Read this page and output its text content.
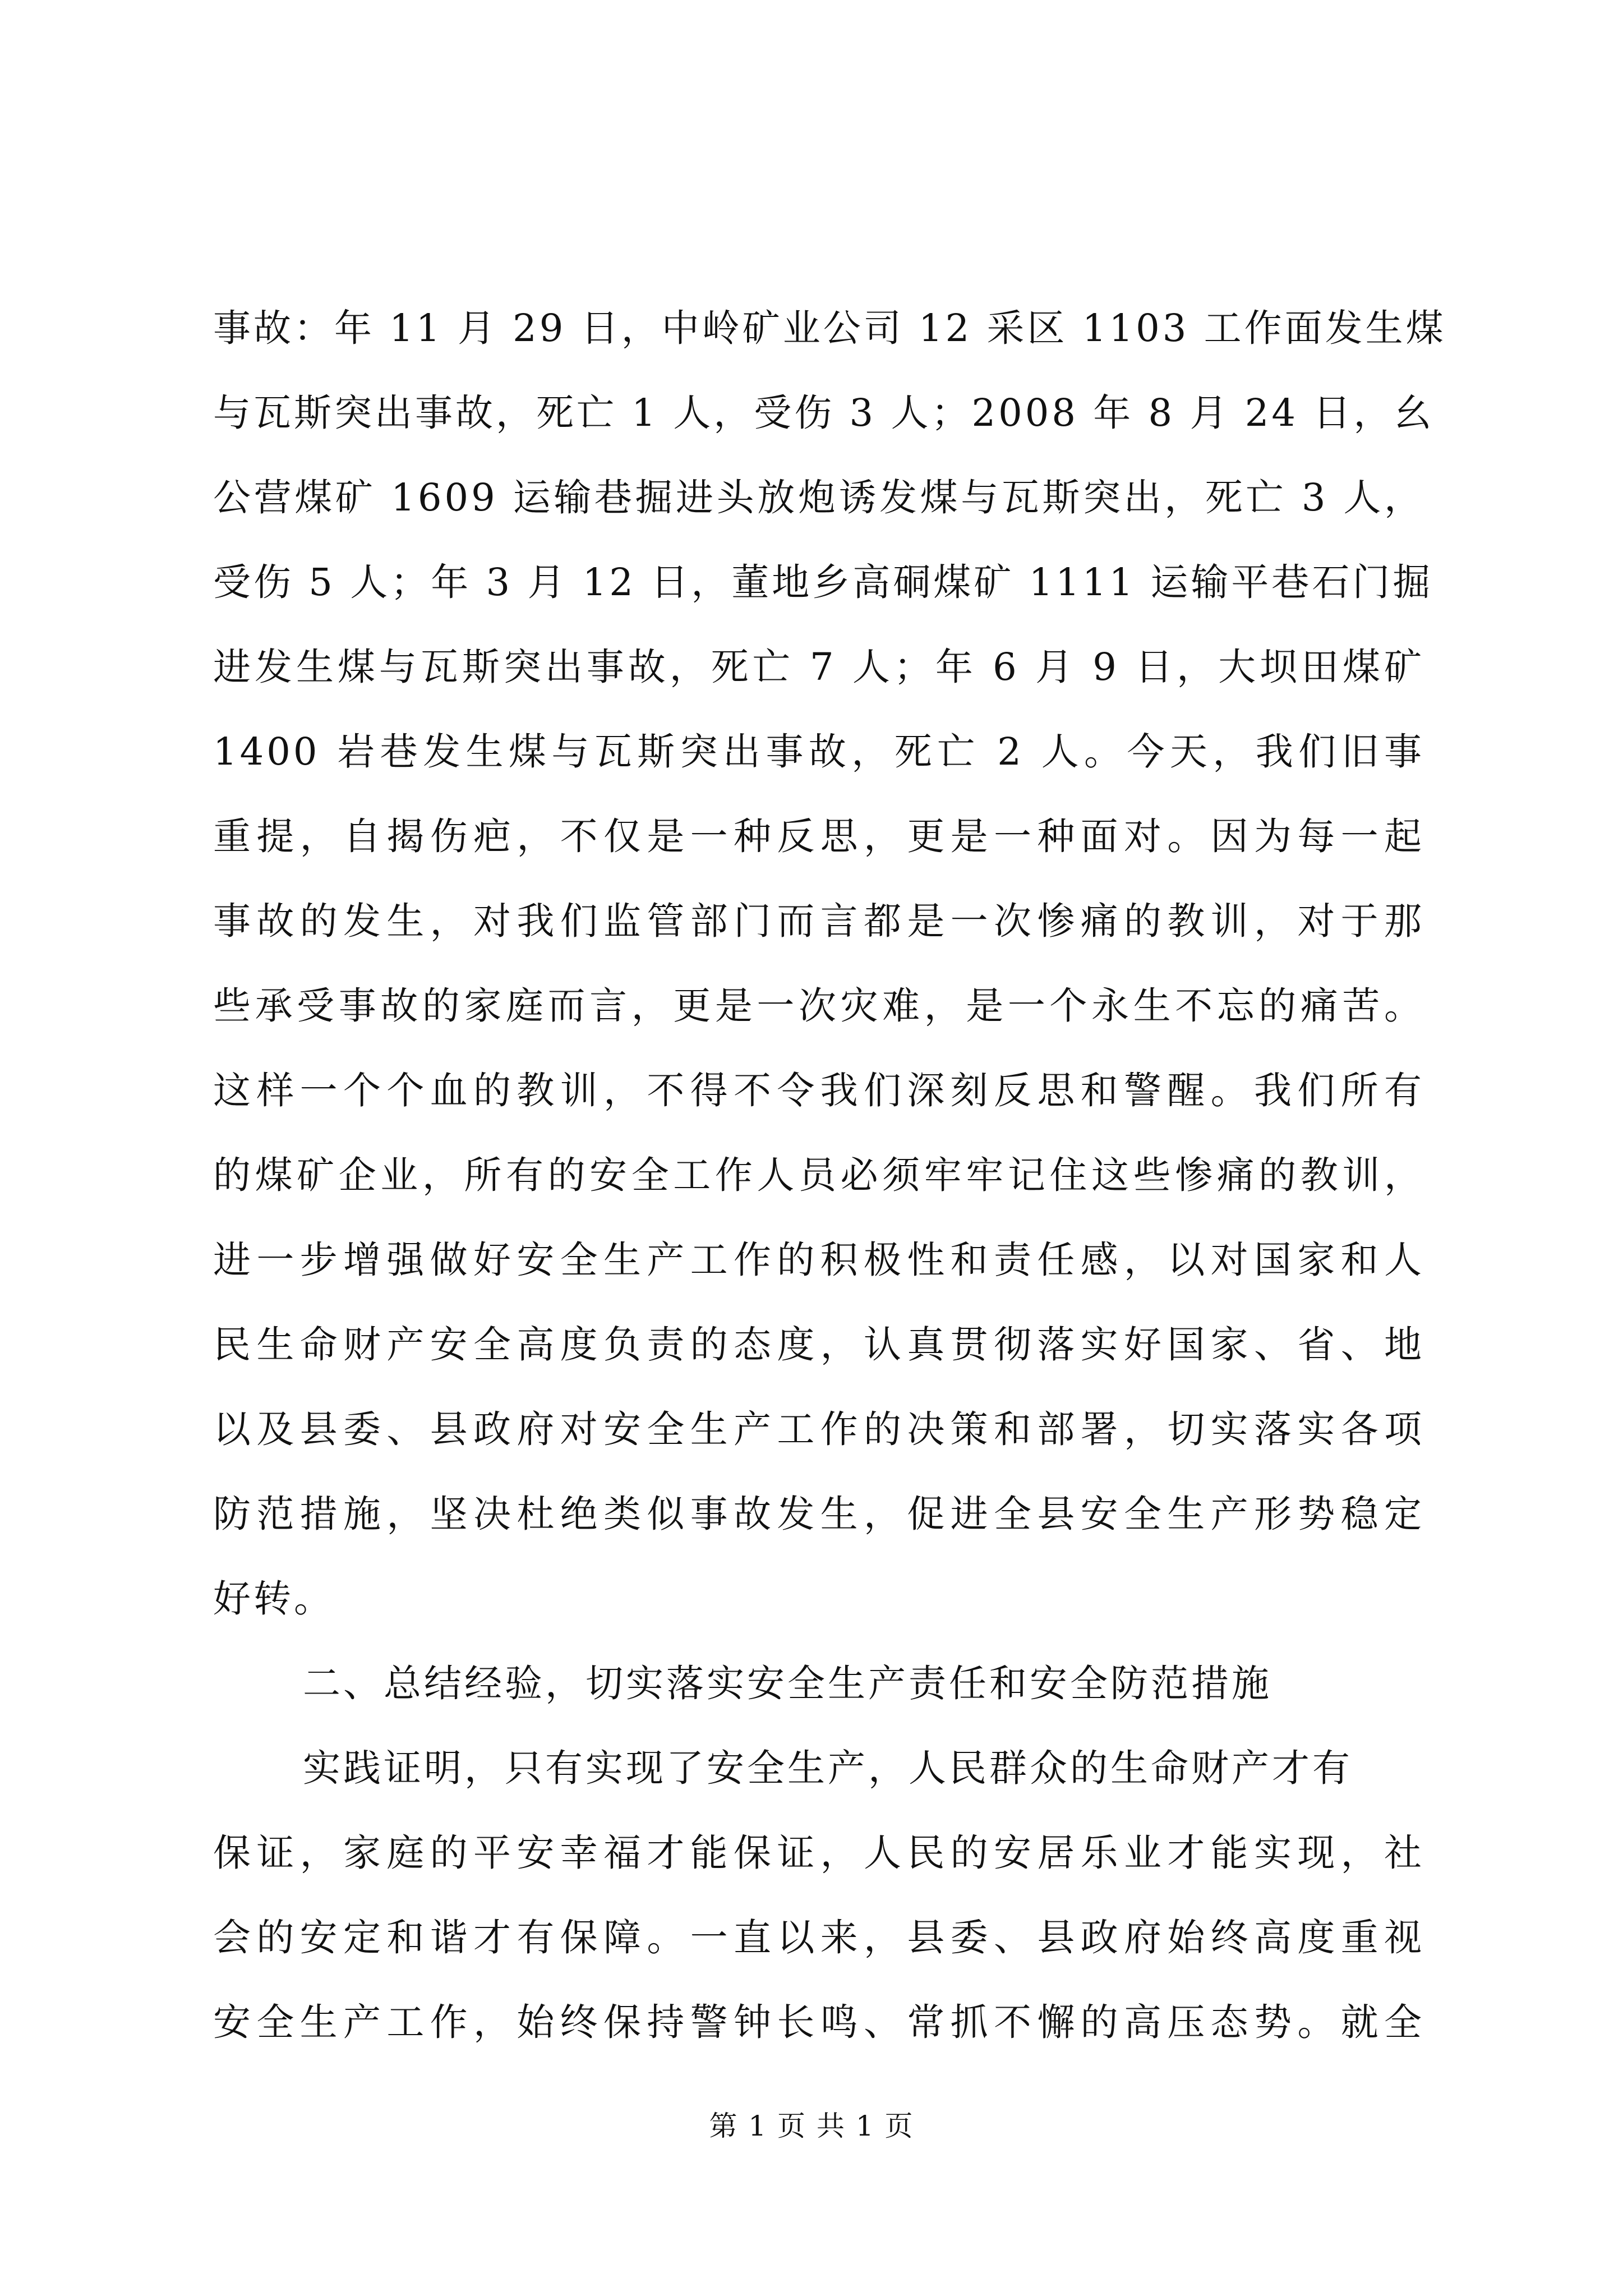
事故：年 11 月 29 日，中岭矿业公司 12 采区 1103 工作面发生煤
与瓦斯突出事故，死亡 1 人，受伤 3 人；2008 年 8 月 24 日，幺
公营煤矿 1609 运输巷掘进头放炮诱发煤与瓦斯突出，死亡 3 人，
受伤 5 人；年 3 月 12 日，董地乡高硐煤矿 1111 运输平巷石门掘
进发生煤与瓦斯突出事故，死亡 7 人；年 6 月 9 日，大坝田煤矿
1400 岩巷发生煤与瓦斯突出事故，死亡 2 人。今天，我们旧事
重提，自揭伤疤，不仅是一种反思，更是一种面对。因为每一起
事故的发生，对我们监管部门而言都是一次惨痛的教训，对于那
些承受事故的家庭而言，更是一次灾难，是一个永生不忘的痛苦。
这样一个个血的教训，不得不令我们深刻反思和警醒。我们所有
的煤矿企业，所有的安全工作人员必须牢牢记住这些惨痛的教训，
进一步增强做好安全生产工作的积极性和责任感，以对国家和人
民生命财产安全高度负责的态度，认真贯彻落实好国家、省、地
以及县委、县政府对安全生产工作的决策和部署，切实落实各项
防范措施，坚决杜绝类似事故发生，促进全县安全生产形势稳定
好转。
二、总结经验，切实落实安全生产责任和安全防范措施
实践证明，只有实现了安全生产，人民群众的生命财产才有
保证，家庭的平安幸福才能保证，人民的安居乐业才能实现，社
会的安定和谐才有保障。一直以来，县委、县政府始终高度重视
安全生产工作，始终保持警钟长鸣、常抓不懈的高压态势。就全
第 1 页 共 1 页
